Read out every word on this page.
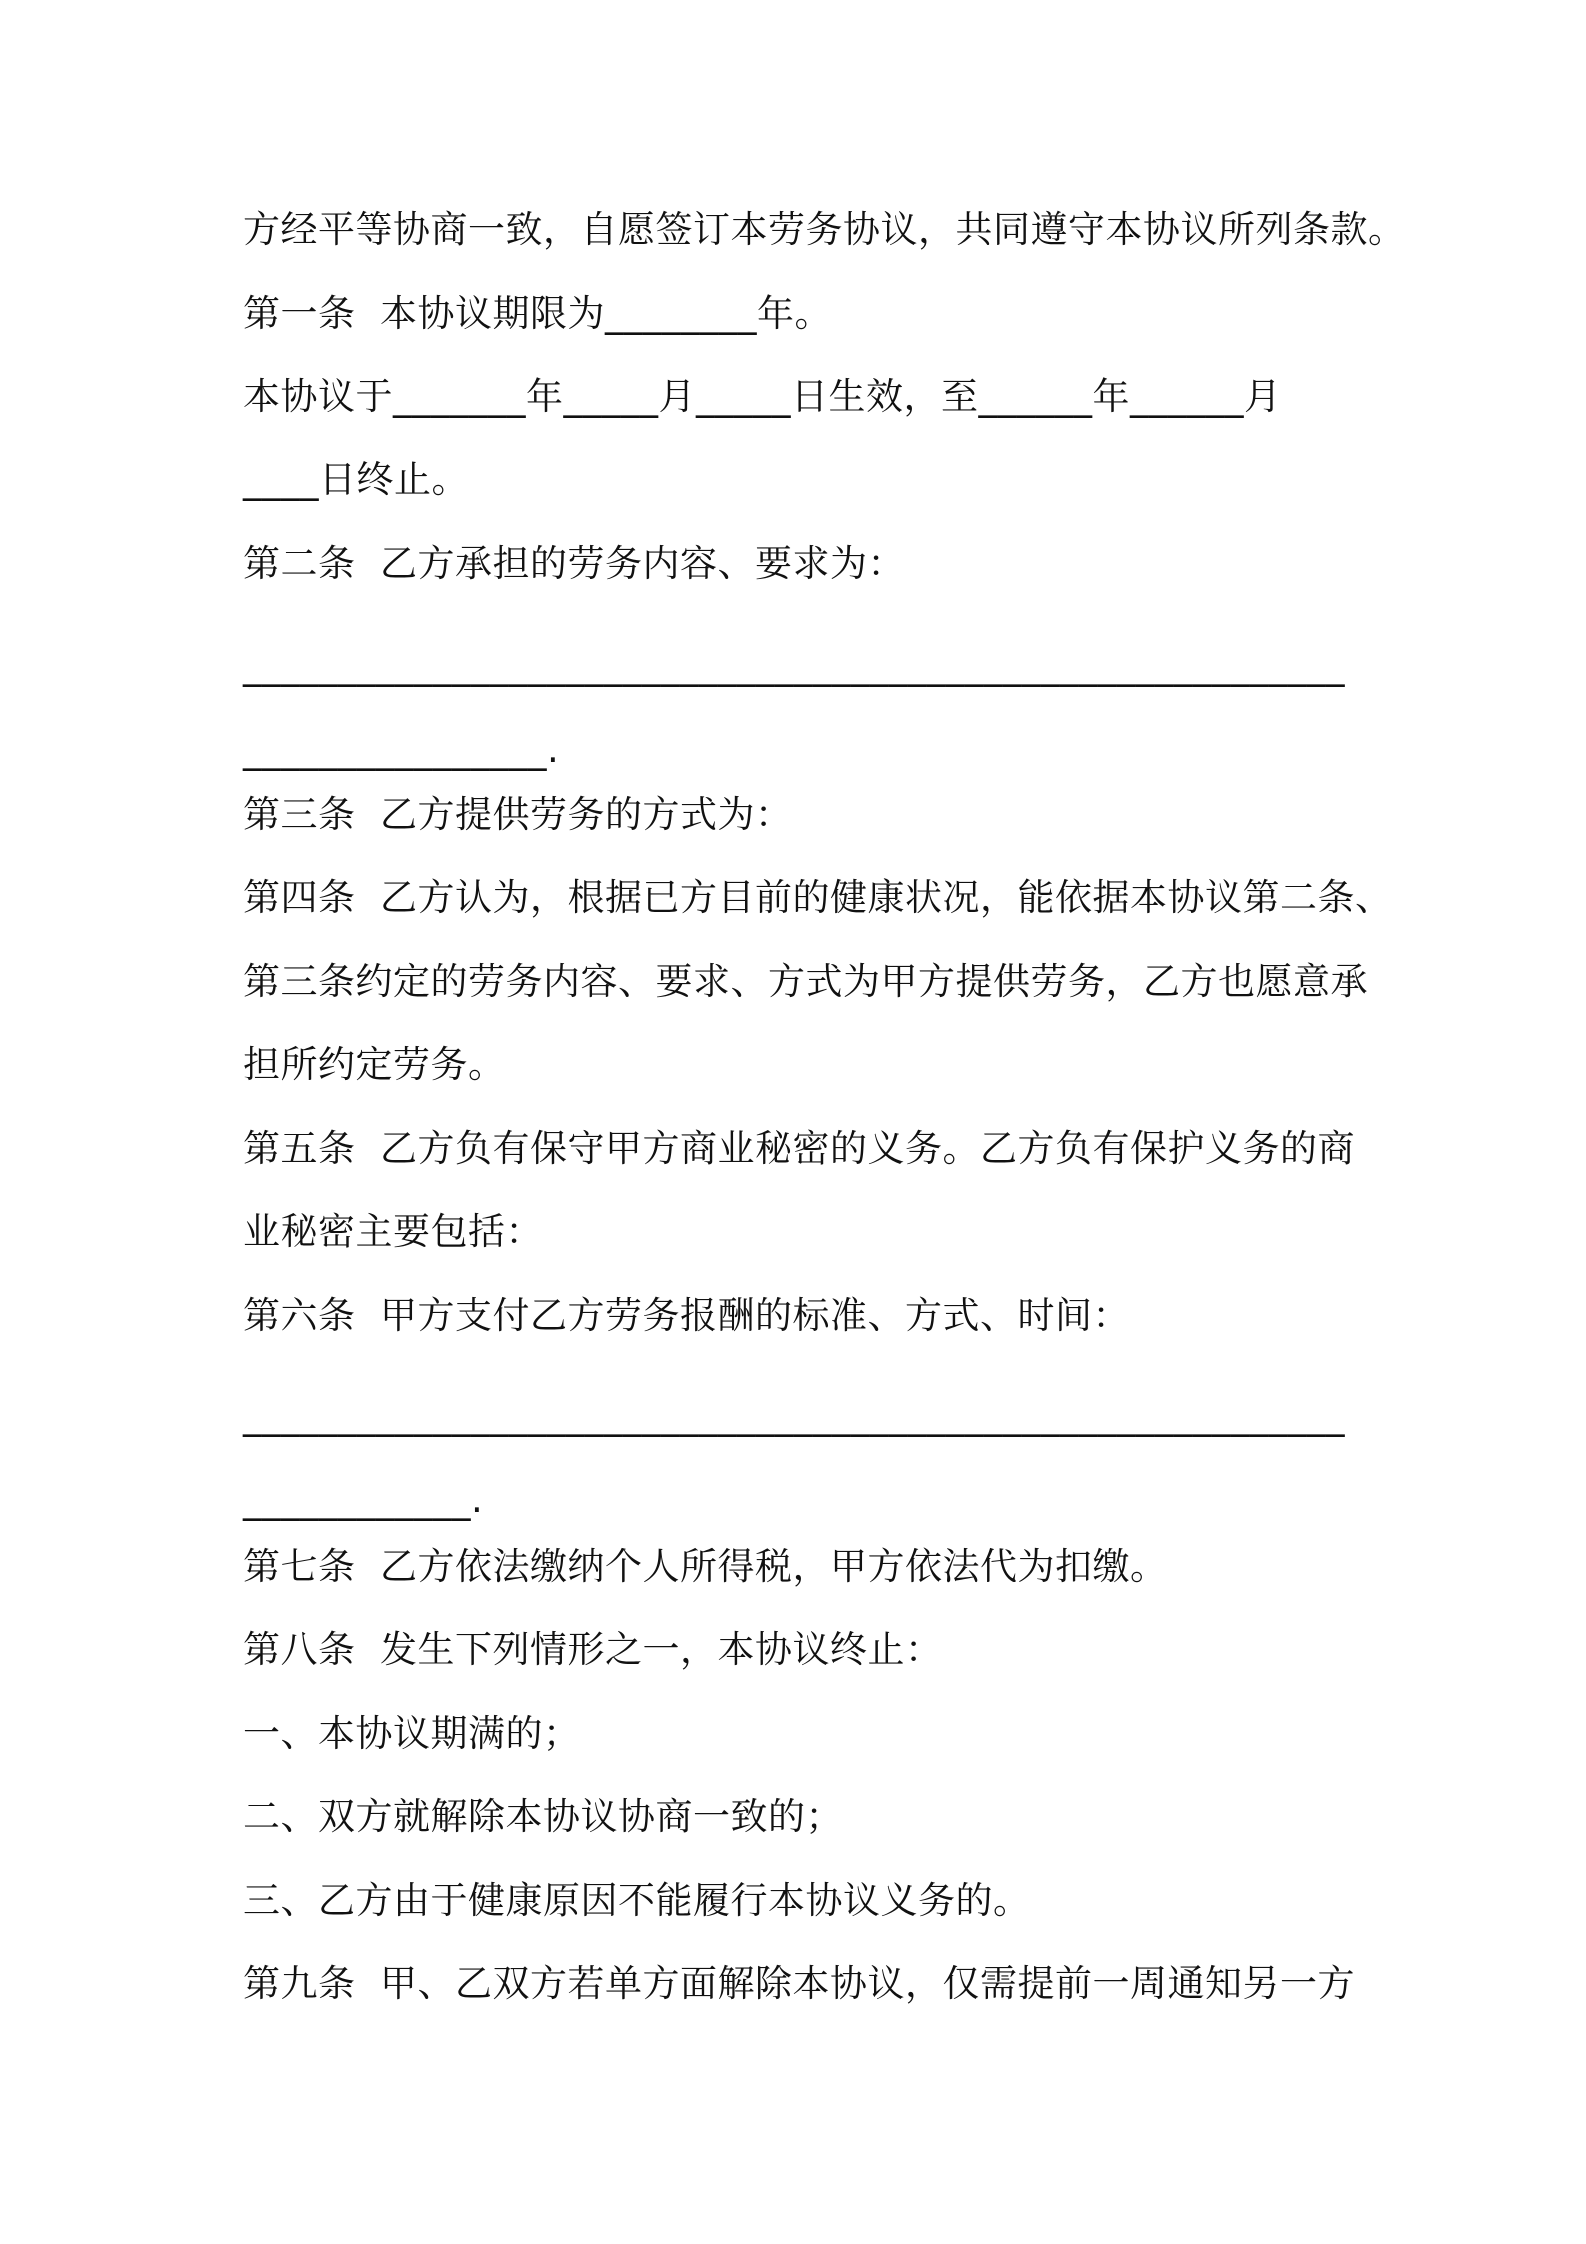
方经平等协商一致，自愿签订本劳务协议，共同遵守本协议所列条款。
第一条  本协议期限为________年。
本协议于_______年_____月_____日生效，至______年______月
____日终止。
第二条  乙方承担的劳务内容、要求为：
__________________________________________________________
________________.
第三条  乙方提供劳务的方式为：
第四条  乙方认为，根据已方目前的健康状况，能依据本协议第二条、
第三条约定的劳务内容、要求、方式为甲方提供劳务，乙方也愿意承
担所约定劳务。
第五条  乙方负有保守甲方商业秘密的义务。乙方负有保护义务的商
业秘密主要包括：
第六条  甲方支付乙方劳务报酬的标准、方式、时间：
__________________________________________________________
____________.
第七条  乙方依法缴纳个人所得税，甲方依法代为扣缴。
第八条  发生下列情形之一，本协议终止：
一、本协议期满的；
二、双方就解除本协议协商一致的；
三、乙方由于健康原因不能履行本协议义务的。
第九条  甲、乙双方若单方面解除本协议，仅需提前一周通知另一方
